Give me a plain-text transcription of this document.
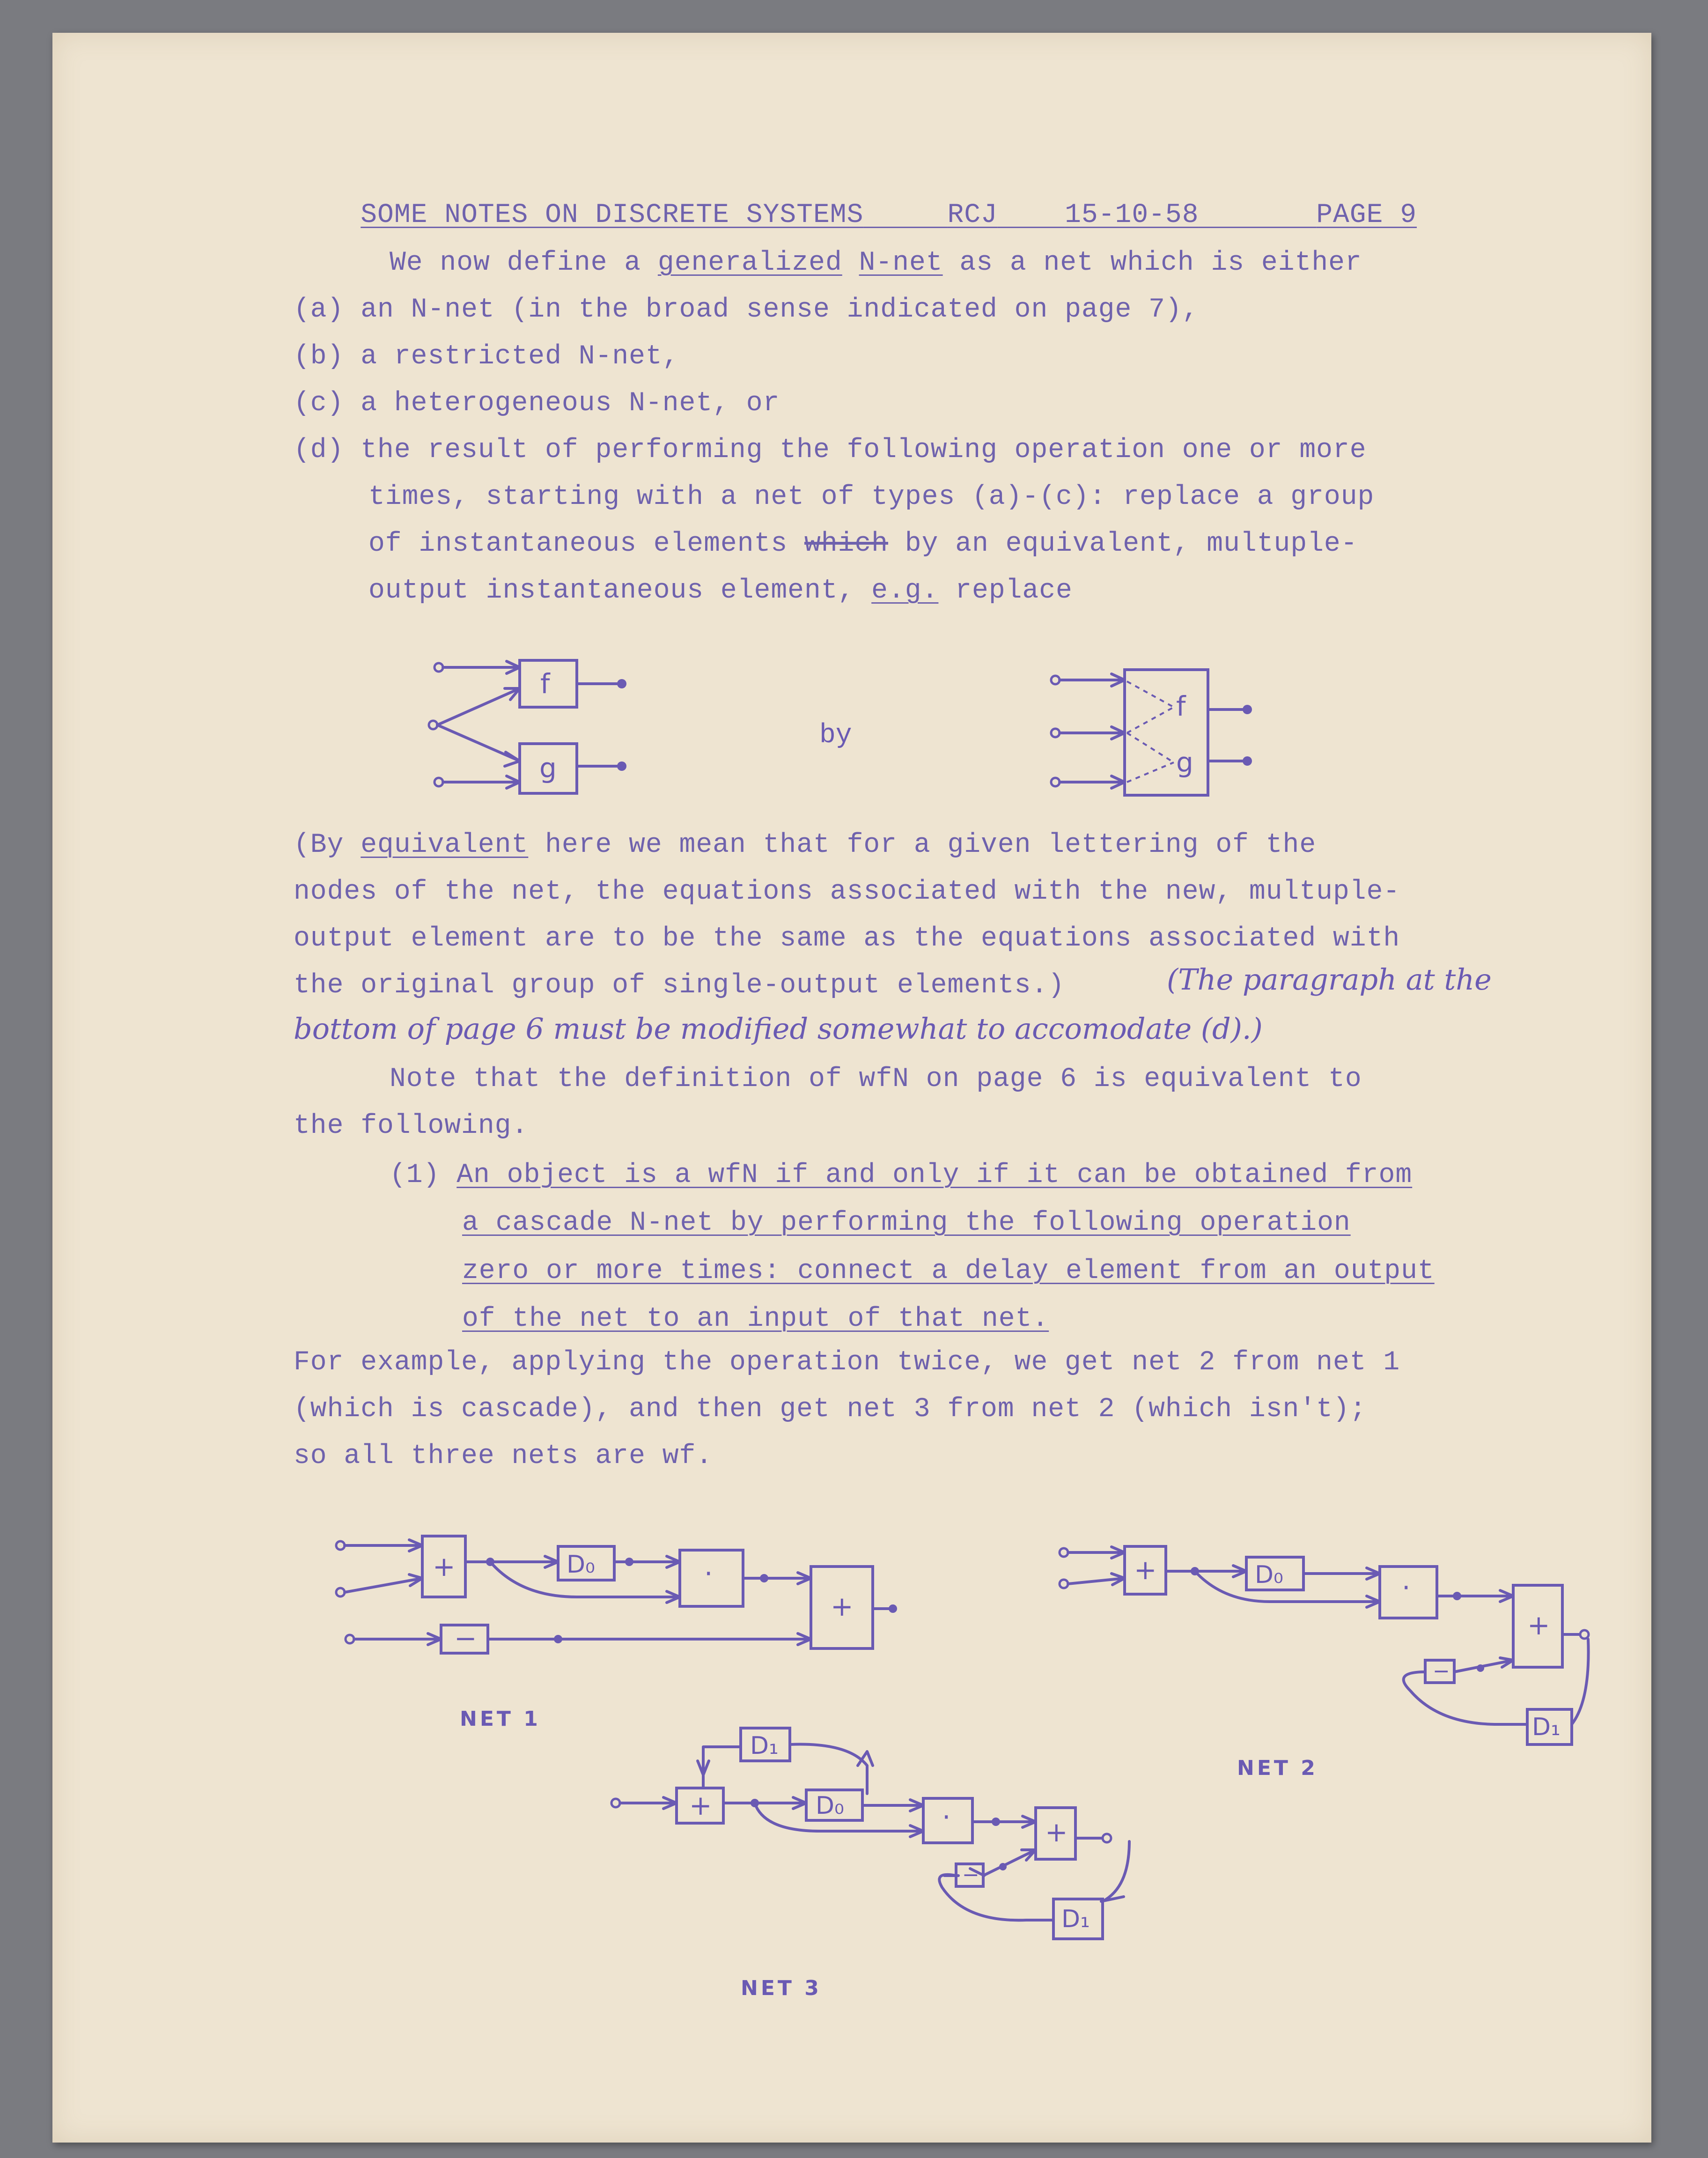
SOME NOTES ON DISCRETE SYSTEMS	RCJ 15-10-58	PAGE 9

We now define a generalized N-net as a net which is either
(a) an N-net (in the broad sense indicated on page 7),
(b) a restricted N-net,
(c) a heterogeneous N-net, or
(d) the result of performing the following operation one or more
times, starting with a net of types (a)-(c): replace a group
of instantaneous elements which by an equivalent, multuple-
output instantaneous element, e.g. replace
f
g
by
f
g
(By equivalent here we mean that for a given lettering of the
nodes of the net, the equations associated with the new, multuple-
output element are to be the same as the equations associated with
the original group of single-output elements.)	(The paragraph at the
bottom of page 6 must be modified somewhat to accomodate (d).)
Note that the definition of wfN on page 6 is equivalent to
the following.
(1) An object is a wfN if and only if it can be obtained from
a cascade N-net by performing the following operation
zero or more times: connect a delay element from an output
of the net to an input of that net.
For example, applying the operation twice, we get net 2 from net 1
(which is cascade), and then get net 3 from net 2 (which isn't);
so all three nets are wf.
+	D₀	·
−
+
NET 1
+	D₀	·
+
−
D₁
NET 2
+
D₁
D₀	·	+
−
D₁
NET 3
